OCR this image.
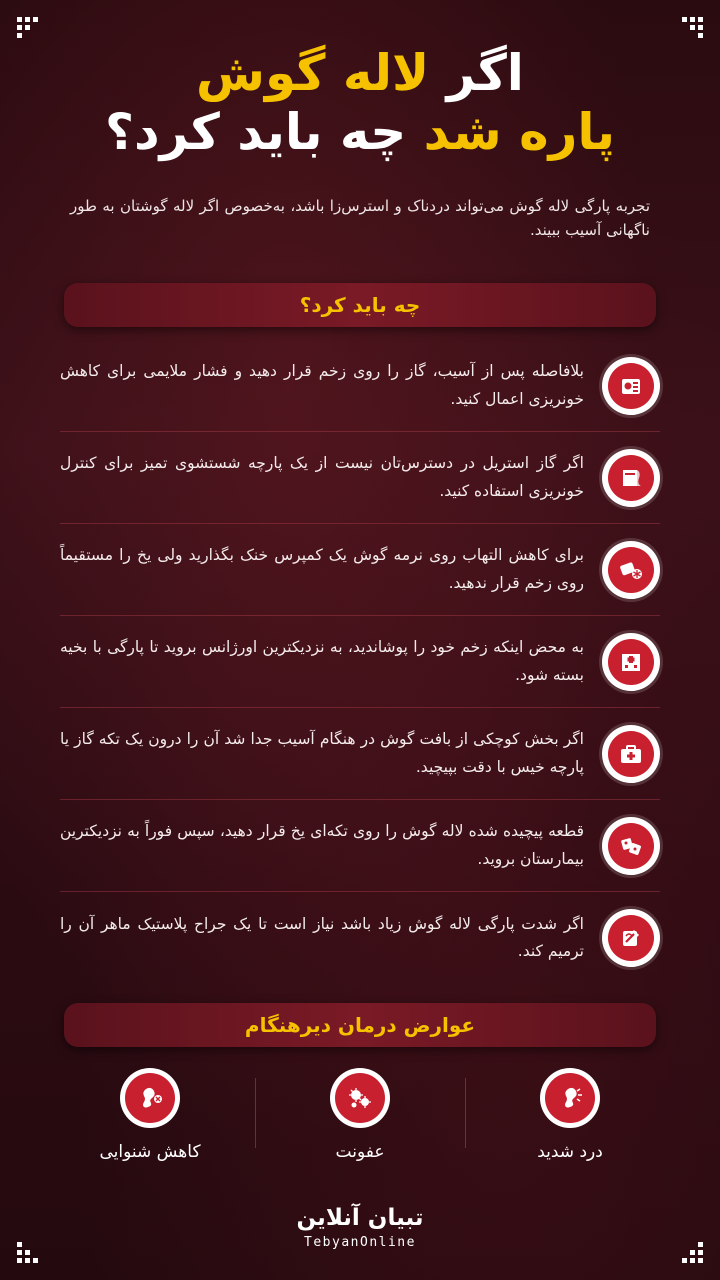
اگر لاله گوش
پاره شد چه باید کرد؟
تجربه پارگی لاله گوش می‌تواند دردناک و استرس‌زا باشد، به‌خصوص اگر لاله گوشتان به طور ناگهانی آسیب ببیند.
چه باید کرد؟
بلافاصله پس از آسیب، گاز را روی زخم قرار دهید و فشار ملایمی برای کاهش خونریزی اعمال کنید.
اگر گاز استریل در دسترس‌تان نیست از یک پارچه شستشوی تمیز برای کنترل خونریزی استفاده کنید.
برای کاهش التهاب روی نرمه گوش یک کمپرس خنک بگذارید ولی یخ را مستقیماً روی زخم قرار ندهید.
به محض اینکه زخم خود را پوشاندید، به نزدیکترین اورژانس بروید تا پارگی با بخیه بسته شود.
اگر بخش کوچکی از بافت گوش در هنگام آسیب جدا شد آن را درون یک تکه گاز یا پارچه خیس با دقت بپیچید.
قطعه پیچیده شده لاله گوش را روی تکه‌ای یخ قرار دهید، سپس فوراً به نزدیکترین بیمارستان بروید.
اگر شدت پارگی لاله گوش زیاد باشد نیاز است تا یک جراح پلاستیک ماهر آن را ترمیم کند.
عوارض درمان دیرهنگام
درد شدید
عفونت
کاهش شنوایی
تبیان آنلاین
TebyanOnline
